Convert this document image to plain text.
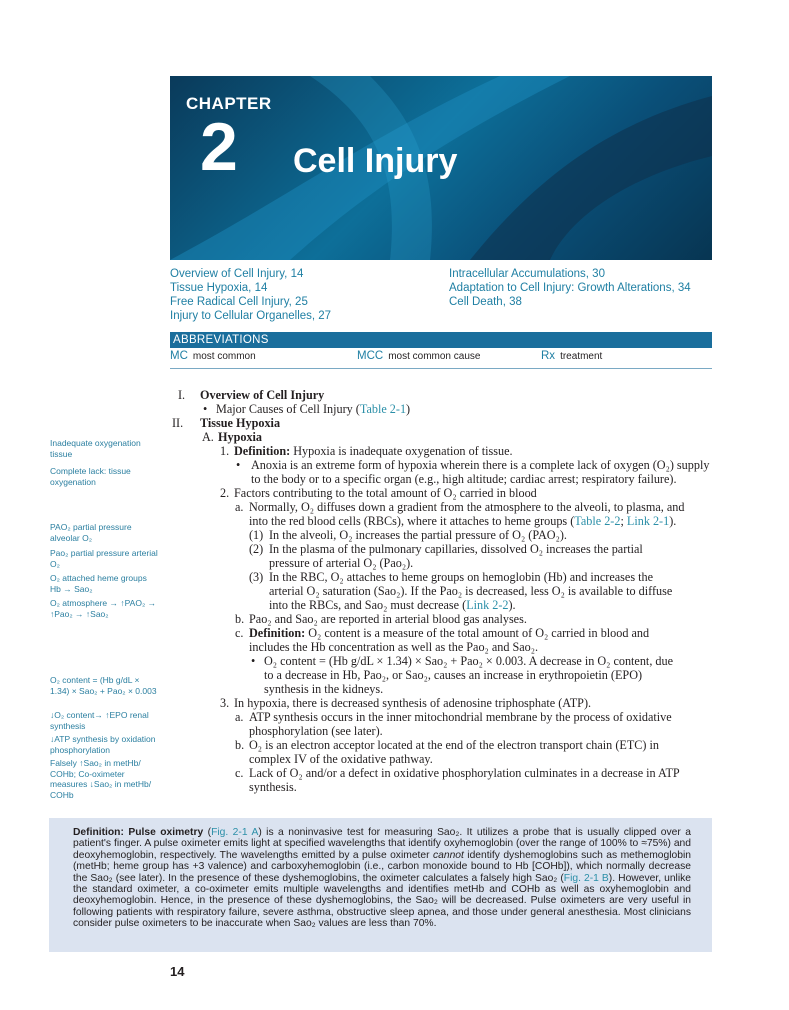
CHAPTER
2 Cell Injury
Overview of Cell Injury, 14
Tissue Hypoxia, 14
Free Radical Cell Injury, 25
Injury to Cellular Organelles, 27
Intracellular Accumulations, 30
Adaptation to Cell Injury: Growth Alterations, 34
Cell Death, 38
ABBREVIATIONS
MC most common	MCC most common cause	Rx treatment
Inadequate oxygenation tissue
Complete lack: tissue oxygenation
PAO₂ partial pressure alveolar O₂
Pao₂ partial pressure arterial O₂
O₂ attached heme groups Hb → Sao₂
O₂ atmosphere → ↑PAO₂ → ↑Pao₂ → ↑Sao₂
O₂ content = (Hb g/dL × 1.34) × Sao₂ + Pao₂ × 0.003
↓O₂ content→ ↑EPO renal synthesis
↓ATP synthesis by oxidation phosphorylation
Falsely ↑Sao₂ in metHb/ COHb; Co-oximeter measures ↓Sao₂ in metHb/ COHb
I. Overview of Cell Injury
• Major Causes of Cell Injury (Table 2-1)
II. Tissue Hypoxia
A. Hypoxia
1. Definition: Hypoxia is inadequate oxygenation of tissue.
• Anoxia is an extreme form of hypoxia wherein there is a complete lack of oxygen (O₂) supply
to the body or to a specific organ (e.g., high altitude; cardiac arrest; respiratory failure).
2. Factors contributing to the total amount of O₂ carried in blood
a. Normally, O₂ diffuses down a gradient from the atmosphere to the alveoli, to plasma, and
into the red blood cells (RBCs), where it attaches to heme groups (Table 2-2; Link 2-1).
(1) In the alveoli, O₂ increases the partial pressure of O₂ (PAO₂).
(2) In the plasma of the pulmonary capillaries, dissolved O₂ increases the partial
pressure of arterial O₂ (Pao₂).
(3) In the RBC, O₂ attaches to heme groups on hemoglobin (Hb) and increases the
arterial O₂ saturation (Sao₂). If the Pao₂ is decreased, less O₂ is available to diffuse
into the RBCs, and Sao₂ must decrease (Link 2-2).
b. Pao₂ and Sao₂ are reported in arterial blood gas analyses.
c. Definition: O₂ content is a measure of the total amount of O₂ carried in blood and
includes the Hb concentration as well as the Pao₂ and Sao₂.
• O₂ content = (Hb g/dL × 1.34) × Sao₂ + Pao₂ × 0.003. A decrease in O₂ content, due
to a decrease in Hb, Pao₂, or Sao₂, causes an increase in erythropoietin (EPO)
synthesis in the kidneys.
3. In hypoxia, there is decreased synthesis of adenosine triphosphate (ATP).
a. ATP synthesis occurs in the inner mitochondrial membrane by the process of oxidative
phosphorylation (see later).
b. O₂ is an electron acceptor located at the end of the electron transport chain (ETC) in
complex IV of the oxidative pathway.
c. Lack of O₂ and/or a defect in oxidative phosphorylation culminates in a decrease in ATP
synthesis.
Definition: Pulse oximetry (Fig. 2-1 A) is a noninvasive test for measuring Sao₂. It utilizes a probe that is usually clipped over a patient's finger. A pulse oximeter emits light at specified wavelengths that identify oxyhemoglobin (over the range of 100% to ≈75%) and deoxyhemoglobin, respectively. The wavelengths emitted by a pulse oximeter cannot identify dyshemoglobins such as methemoglobin (metHb; heme group has +3 valence) and carboxyhemoglobin (i.e., carbon monoxide bound to Hb [COHb]), which normally decrease the Sao₂ (see later). In the presence of these dyshemoglobins, the oximeter calculates a falsely high Sao₂ (Fig. 2-1 B). However, unlike the standard oximeter, a co-oximeter emits multiple wavelengths and identifies metHb and COHb as well as oxyhemoglobin and deoxyhemoglobin. Hence, in the presence of these dyshemoglobins, the Sao₂ will be decreased. Pulse oximeters are very useful in following patients with respiratory failure, severe asthma, obstructive sleep apnea, and those under general anesthesia. Most clinicians consider pulse oximeters to be inaccurate when Sao₂ values are less than 70%.
14
